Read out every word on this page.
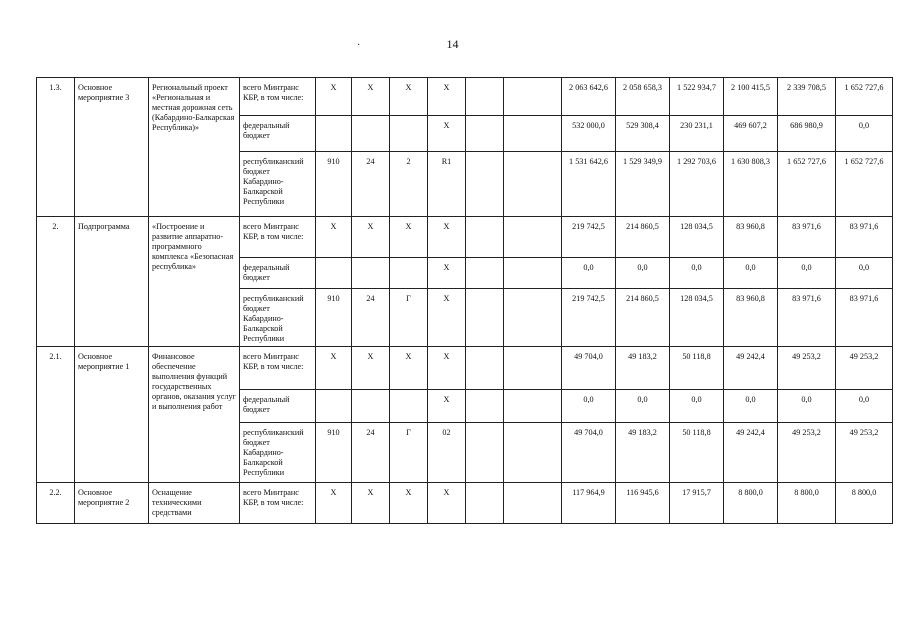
14
·
1.3.	Основное мероприятие 3	Региональный проект «Региональная и местная дорожная сеть (Кабардино-Балкарская Республика)»	всего Минтранс КБР, в том числе:	Х	Х	Х	Х			2 063 642,6	2 058 658,3	1 522 934,7	2 100 415,5	2 339 708,5	1 652 727,6
			федеральный бюджет				Х			532 000,0	529 308,4	230 231,1	469 607,2	686 980,9	0,0
			республиканский бюджет Кабардино-Балкарской Республики	910	24	2	R1			1 531 642,6	1 529 349,9	1 292 703,6	1 630 808,3	1 652 727,6	1 652 727,6
2.	Подпрограмма	«Построение и развитие аппаратно-программного комплекса «Безопасная республика»	всего Минтранс КБР, в том числе:	Х	Х	Х	Х			219 742,5	214 860,5	128 034,5	83 960,8	83 971,6	83 971,6
			федеральный бюджет				Х			0,0	0,0	0,0	0,0	0,0	0,0
			республиканский бюджет Кабардино-Балкарской Республики	910	24	Г	Х			219 742,5	214 860,5	128 034,5	83 960,8	83 971,6	83 971,6
2.1.	Основное мероприятие 1	Финансовое обеспечение выполнения функций государственных органов, оказания услуг и выполнения работ	всего Минтранс КБР, в том числе:	Х	Х	Х	Х			49 704,0	49 183,2	50 118,8	49 242,4	49 253,2	49 253,2
			федеральный бюджет				Х			0,0	0,0	0,0	0,0	0,0	0,0
			республиканский бюджет Кабардино-Балкарской Республики	910	24	Г	02			49 704,0	49 183,2	50 118,8	49 242,4	49 253,2	49 253,2
2.2.	Основное мероприятие 2	Оснащение техническими средствами	всего Минтранс КБР, в том числе:	Х	Х	Х	Х			117 964,9	116 945,6	17 915,7	8 800,0	8 800,0	8 800,0
